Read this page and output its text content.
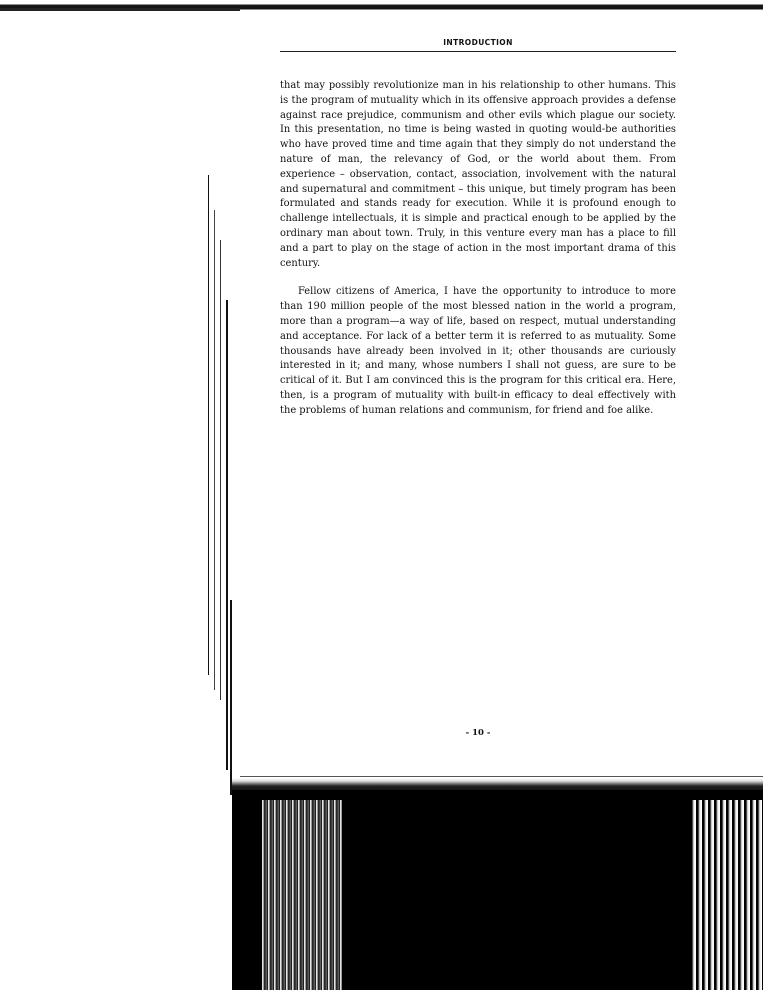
INTRODUCTION

that may possibly revolutionize man in his relationship to other humans. This is the program of mutuality which in its offensive approach provides a defense against race prejudice, communism and other evils which plague our society. In this presentation, no time is being wasted in quoting would-be authorities who have proved time and time again that they simply do not understand the nature of man, the relevancy of God, or the world about them. From experience – observation, contact, association, involvement with the natural and supernatural and commitment – this unique, but timely program has been formulated and stands ready for execution. While it is profound enough to challenge intellectuals, it is simple and practical enough to be applied by the ordinary man about town. Truly, in this venture every man has a place to fill and a part to play on the stage of action in the most important drama of this century.

Fellow citizens of America, I have the opportunity to introduce to more than 190 million people of the most blessed nation in the world a program, more than a program—a way of life, based on respect, mutual understanding and acceptance. For lack of a better term it is referred to as mutuality. Some thousands have already been involved in it; other thousands are curiously interested in it; and many, whose numbers I shall not guess, are sure to be critical of it. But I am convinced this is the program for this critical era. Here, then, is a program of mutuality with built-in efficacy to deal effectively with the problems of human relations and communism, for friend and foe alike.

- 10 -
